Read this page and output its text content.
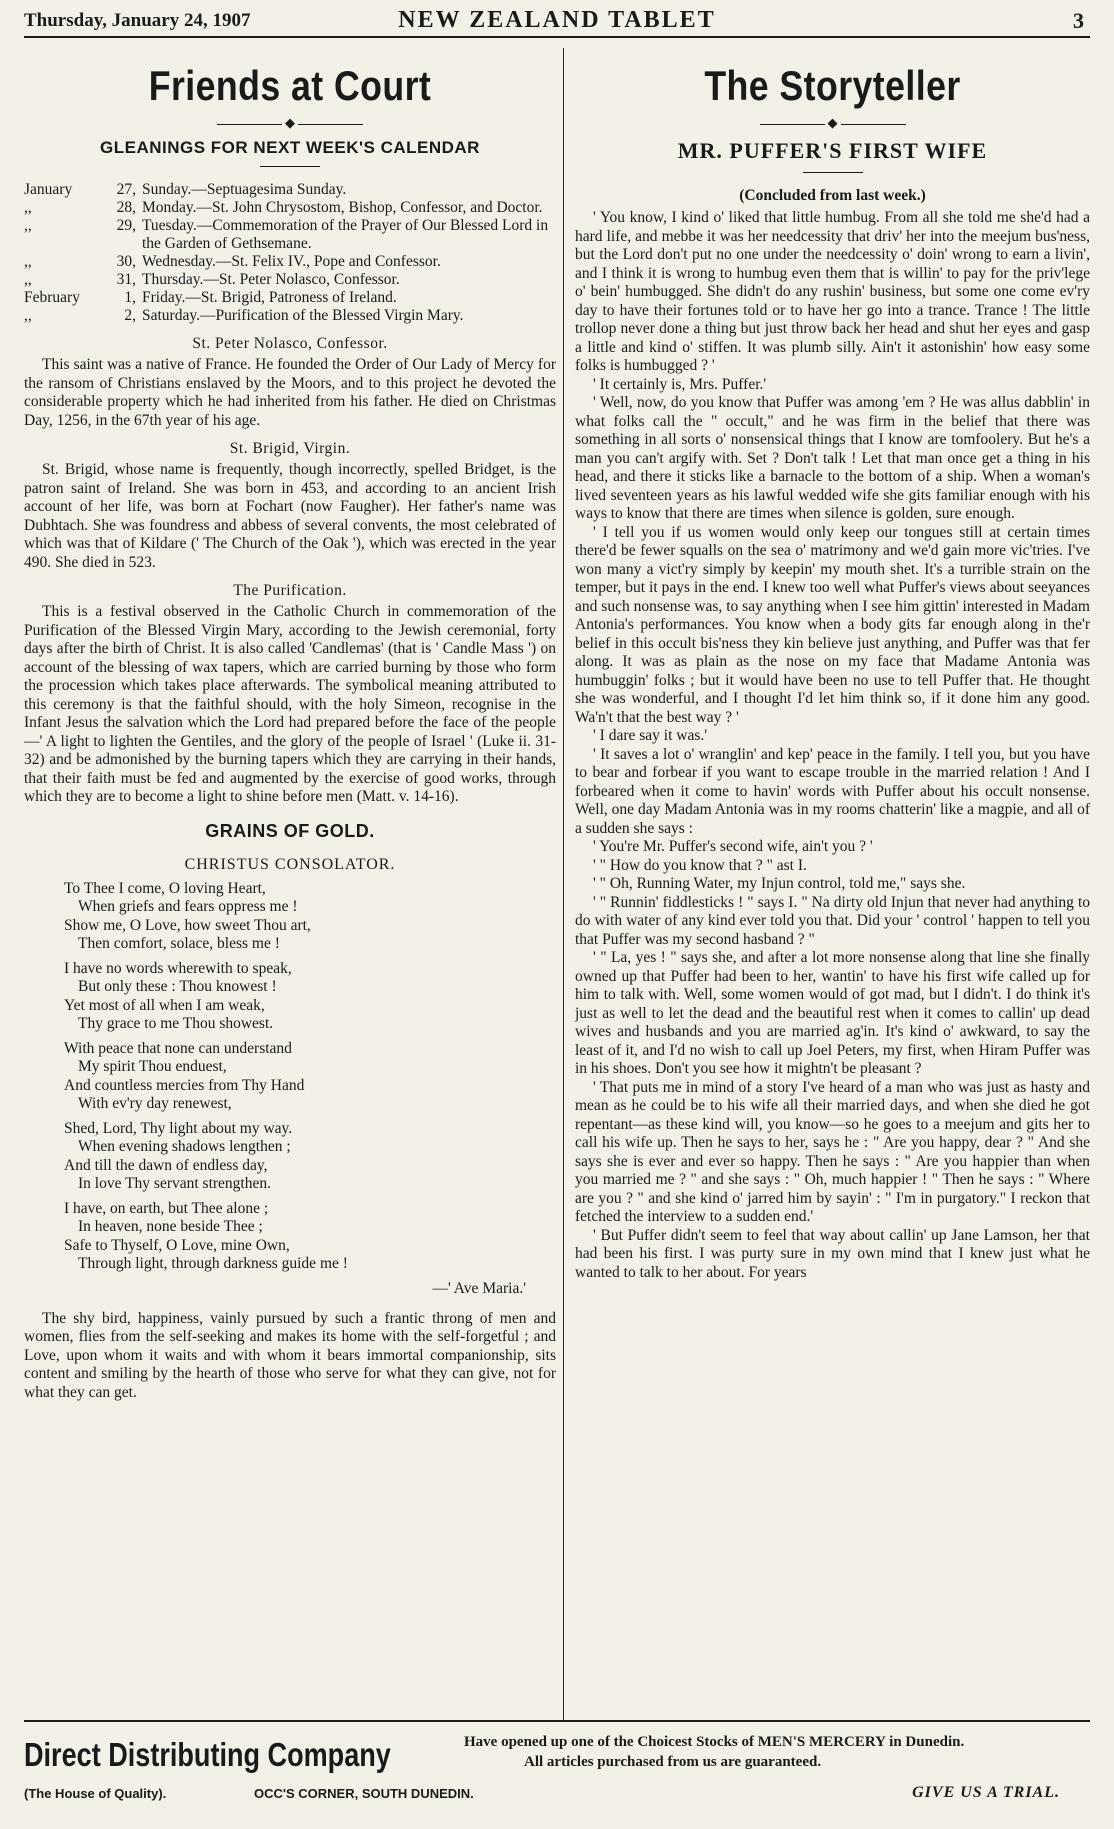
Thursday, January 24, 1907	NEW ZEALAND TABLET	3
Friends at Court
◆
GLEANINGS FOR NEXT WEEK'S CALENDAR
January	27, Sunday.—Septuagesima Sunday.
,,	28, Monday.—St. John Chrysostom, Bishop, Confessor, and Doctor.
,,	29, Tuesday.—Commemoration of the Prayer of Our Blessed Lord in the Garden of Gethsemane.
,,	30, Wednesday.—St. Felix IV., Pope and Confessor.
,,	31, Thursday.—St. Peter Nolasco, Confessor.
February	1, Friday.—St. Brigid, Patroness of Ireland.
,,	2, Saturday.—Purification of the Blessed Virgin Mary.
St. Peter Nolasco, Confessor.

This saint was a native of France. He founded the Order of Our Lady of Mercy for the ransom of Christians enslaved by the Moors, and to this project he devoted the considerable property which he had inherited from his father. He died on Christmas Day, 1256, in the 67th year of his age.

St. Brigid, Virgin.

St. Brigid, whose name is frequently, though incorrectly, spelled Bridget, is the patron saint of Ireland. She was born in 453, and according to an ancient Irish account of her life, was born at Fochart (now Faugher). Her father's name was Dubhtach. She was foundress and abbess of several convents, the most celebrated of which was that of Kildare (' The Church of the Oak '), which was erected in the year 490. She died in 523.

The Purification.

This is a festival observed in the Catholic Church in commemoration of the Purification of the Blessed Virgin Mary, according to the Jewish ceremonial, forty days after the birth of Christ. It is also called 'Candlemas' (that is ' Candle Mass ') on account of the blessing of wax tapers, which are carried burning by those who form the procession which takes place afterwards. The symbolical meaning attributed to this ceremony is that the faithful should, with the holy Simeon, recognise in the Infant Jesus the salvation which the Lord had prepared before the face of the people—' A light to lighten the Gentiles, and the glory of the people of Israel ' (Luke ii. 31-32) and be admonished by the burning tapers which they are carrying in their hands, that their faith must be fed and augmented by the exercise of good works, through which they are to become a light to shine before men (Matt. v. 14-16).

GRAINS OF GOLD.
CHRISTUS CONSOLATOR.
To Thee I come, O loving Heart,
When griefs and fears oppress me !
Show me, O Love, how sweet Thou art,
Then comfort, solace, bless me !
I have no words wherewith to speak,
But only these : Thou knowest !
Yet most of all when I am weak,
Thy grace to me Thou showest.
With peace that none can understand
My spirit Thou enduest,
And countless mercies from Thy Hand
With ev'ry day renewest,
Shed, Lord, Thy light about my way.
When evening shadows lengthen ;
And till the dawn of endless day,
In love Thy servant strengthen.
I have, on earth, but Thee alone ;
In heaven, none beside Thee ;
Safe to Thyself, O Love, mine Own,
Through light, through darkness guide me !
—' Ave Maria.'

The shy bird, happiness, vainly pursued by such a frantic throng of men and women, flies from the self-seeking and makes its home with the self-forgetful ; and Love, upon whom it waits and with whom it bears immortal companionship, sits content and smiling by the hearth of those who serve for what they can give, not for what they can get.

The Storyteller
◆
MR. PUFFER'S FIRST WIFE
(Concluded from last week.)

' You know, I kind o' liked that little humbug. From all she told me she'd had a hard life, and mebbe it was her needcessity that driv' her into the meejum bus'ness, but the Lord don't put no one under the needcessity o' doin' wrong to earn a livin', and I think it is wrong to humbug even them that is willin' to pay for the priv'lege o' bein' humbugged. She didn't do any rushin' business, but some one come ev'ry day to have their fortunes told or to have her go into a trance. Trance ! The little trollop never done a thing but just throw back her head and shut her eyes and gasp a little and kind o' stiffen. It was plumb silly. Ain't it astonishin' how easy some folks is humbugged ? '

' It certainly is, Mrs. Puffer.'

' Well, now, do you know that Puffer was among 'em ? He was allus dabblin' in what folks call the " occult," and he was firm in the belief that there was something in all sorts o' nonsensical things that I know are tomfoolery. But he's a man you can't argify with. Set ? Don't talk ! Let that man once get a thing in his head, and there it sticks like a barnacle to the bottom of a ship. When a woman's lived seventeen years as his lawful wedded wife she gits familiar enough with his ways to know that there are times when silence is golden, sure enough.

' I tell you if us women would only keep our tongues still at certain times there'd be fewer squalls on the sea o' matrimony and we'd gain more vic'tries. I've won many a vict'ry simply by keepin' my mouth shet. It's a turrible strain on the temper, but it pays in the end. I knew too well what Puffer's views about seeyances and such nonsense was, to say anything when I see him gittin' interested in Madam Antonia's performances. You know when a body gits far enough along in the'r belief in this occult bis'ness they kin believe just anything, and Puffer was that fer along. It was as plain as the nose on my face that Madame Antonia was humbuggin' folks ; but it would have been no use to tell Puffer that. He thought she was wonderful, and I thought I'd let him think so, if it done him any good. Wa'n't that the best way ? '

' I dare say it was.'

' It saves a lot o' wranglin' and kep' peace in the family. I tell you, but you have to bear and forbear if you want to escape trouble in the married relation ! And I forbeared when it come to havin' words with Puffer about his occult nonsense. Well, one day Madam Antonia was in my rooms chatterin' like a magpie, and all of a sudden she says :

' You're Mr. Puffer's second wife, ain't you ? '

' " How do you know that ? " ast I.

' " Oh, Running Water, my Injun control, told me," says she.

' " Runnin' fiddlesticks ! " says I. " Na dirty old Injun that never had anything to do with water of any kind ever told you that. Did your ' control ' happen to tell you that Puffer was my second hasband ? "

' " La, yes ! " says she, and after a lot more nonsense along that line she finally owned up that Puffer had been to her, wantin' to have his first wife called up for him to talk with. Well, some women would of got mad, but I didn't. I do think it's just as well to let the dead and the beautiful rest when it comes to callin' up dead wives and husbands and you are married ag'in. It's kind o' awkward, to say the least of it, and I'd no wish to call up Joel Peters, my first, when Hiram Puffer was in his shoes. Don't you see how it mightn't be pleasant ?

' That puts me in mind of a story I've heard of a man who was just as hasty and mean as he could be to his wife all their married days, and when she died he got repentant—as these kind will, you know—so he goes to a meejum and gits her to call his wife up. Then he says to her, says he : " Are you happy, dear ? " And she says she is ever and ever so happy. Then he says : " Are you happier than when you married me ? " and she says : " Oh, much happier ! " Then he says : " Where are you ? " and she kind o' jarred him by sayin' : " I'm in purgatory." I reckon that fetched the interview to a sudden end.'

' But Puffer didn't seem to feel that way about callin' up Jane Lamson, her that had been his first. I was purty sure in my own mind that I knew just what he wanted to talk to her about. For years

Direct Distributing Company
(The House of Quality).	OCC'S CORNER, SOUTH DUNEDIN.
Have opened up one of the Choicest Stocks of MEN'S MERCERY in Dunedin.
All articles purchased from us are guaranteed.
GIVE US A TRIAL.
